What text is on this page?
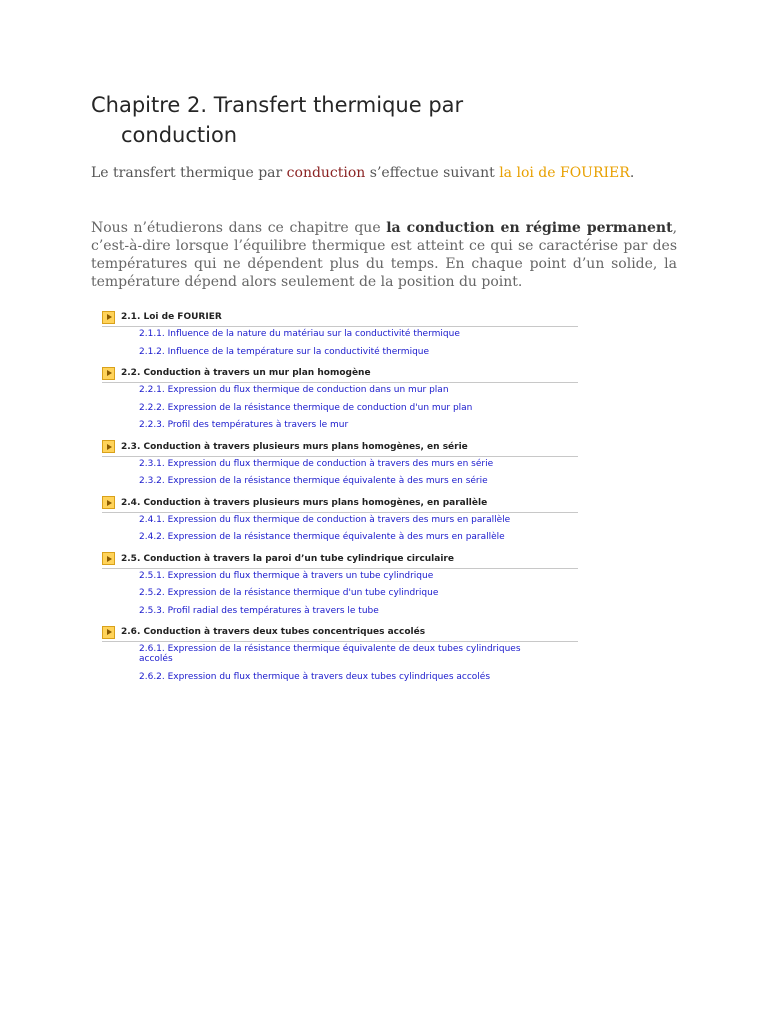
Chapitre 2. Transfert thermique par
conduction

Le transfert thermique par conduction s’effectue suivant la loi de FOURIER.

Nous n’étudierons dans ce chapitre que la conduction en régime permanent, c’est-à-dire lorsque l’équilibre thermique est atteint ce qui se caractérise par des températures qui ne dépendent plus du temps. En chaque point d’un solide, la température dépend alors seulement de la position du point.

2.1. Loi de FOURIER
2.1.1. Influence de la nature du matériau sur la conductivité thermique
2.1.2. Influence de la température sur la conductivité thermique
2.2. Conduction à travers un mur plan homogène
2.2.1. Expression du flux thermique de conduction dans un mur plan
2.2.2. Expression de la résistance thermique de conduction d'un mur plan
2.2.3. Profil des températures à travers le mur
2.3. Conduction à travers plusieurs murs plans homogènes, en série
2.3.1. Expression du flux thermique de conduction à travers des murs en série
2.3.2. Expression de la résistance thermique équivalente à des murs en série
2.4. Conduction à travers plusieurs murs plans homogènes, en parallèle
2.4.1. Expression du flux thermique de conduction à travers des murs en parallèle
2.4.2. Expression de la résistance thermique équivalente à des murs en parallèle
2.5. Conduction à travers la paroi d’un tube cylindrique circulaire
2.5.1. Expression du flux thermique à travers un tube cylindrique
2.5.2. Expression de la résistance thermique d'un tube cylindrique
2.5.3. Profil radial des températures à travers le tube
2.6. Conduction à travers deux tubes concentriques accolés
2.6.1. Expression de la résistance thermique équivalente de deux tubes cylindriques accolés
2.6.2. Expression du flux thermique à travers deux tubes cylindriques accolés
